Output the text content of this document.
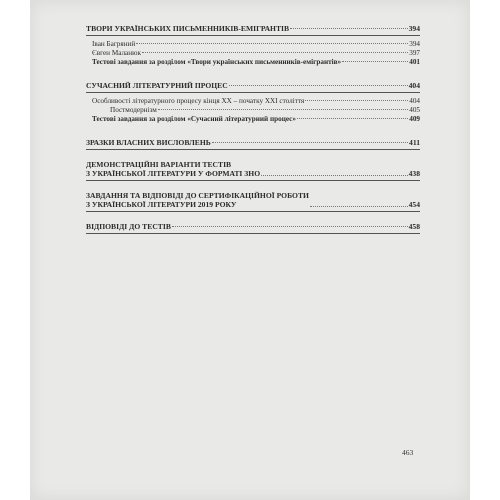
ТВОРИ УКРАЇНСЬКИХ ПИСЬМЕННИКІВ-ЕМІГРАНТІВ	394
Іван Багряний	394
Євген Маланюк	397
Тестові завдання за розділом «Твори українських письменників-емігрантів»	401
СУЧАСНИЙ ЛІТЕРАТУРНИЙ ПРОЦЕС	404
Особливості літературного процесу кінця XX – початку XXI століття	404
Постмодернізм	405
Тестові завдання за розділом «Сучасний літературний процес»	409
ЗРАЗКИ ВЛАСНИХ ВИСЛОВЛЕНЬ	411
ДЕМОНСТРАЦІЙНІ ВАРІАНТИ ТЕСТІВ
З УКРАЇНСЬКОЇ ЛІТЕРАТУРИ У ФОРМАТІ ЗНО	438
ЗАВДАННЯ ТА ВІДПОВІДІ ДО СЕРТИФІКАЦІЙНОЇ РОБОТИ
З УКРАЇНСЬКОЇ ЛІТЕРАТУРИ 2019 РОКУ	454
ВІДПОВІДІ ДО ТЕСТІВ	458
463
